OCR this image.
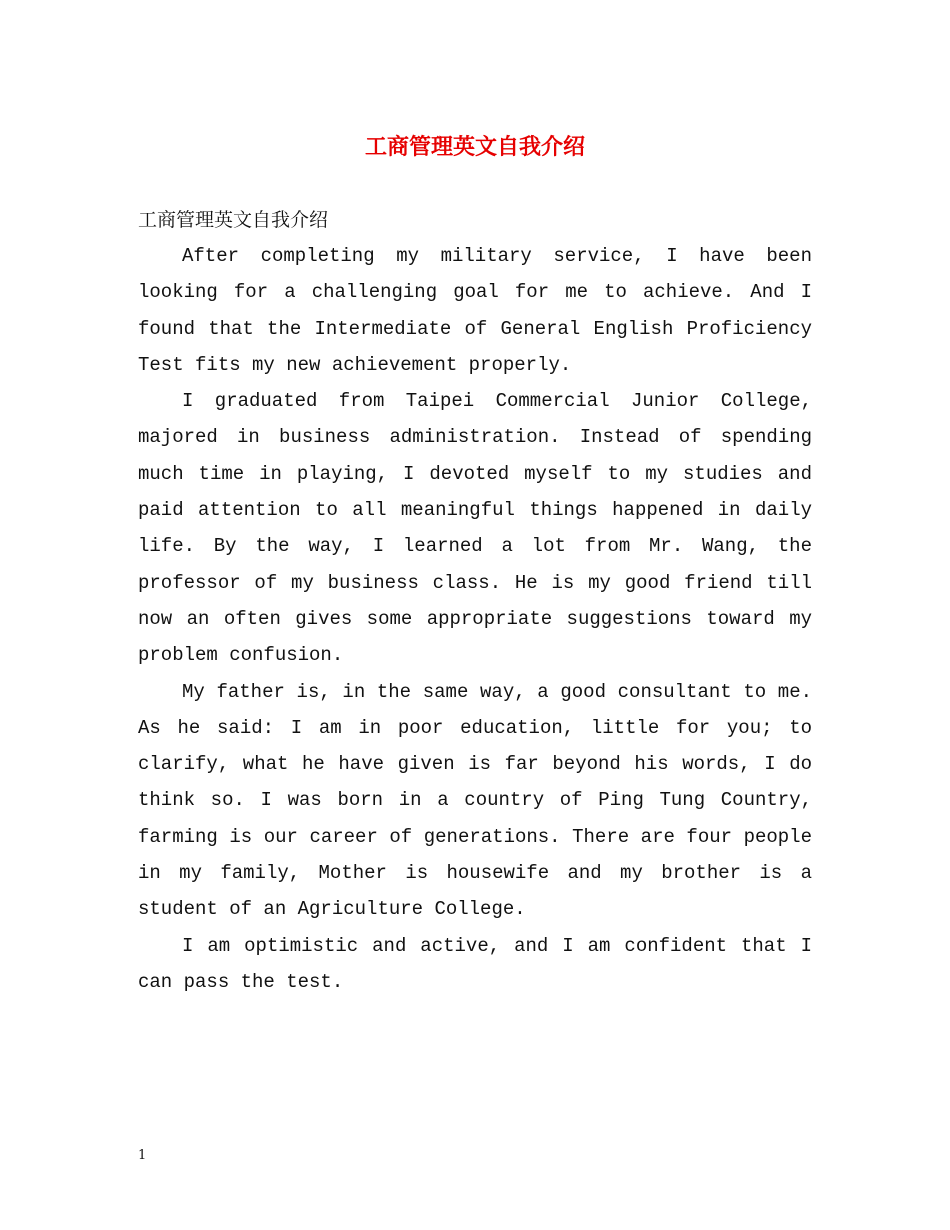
工商管理英文自我介绍

工商管理英文自我介绍

After completing my military service, I have been looking for a challenging goal for me to achieve. And I found that the Intermediate of General English Proficiency Test fits my new achievement properly.

I graduated from Taipei Commercial Junior College, majored in business administration. Instead of spending much time in playing, I devoted myself to my studies and paid attention to all meaningful things happened in daily life. By the way, I learned a lot from Mr. Wang, the professor of my business class. He is my good friend till now an often gives some appropriate suggestions toward my problem confusion.

My father is, in the same way, a good consultant to me. As he said: I am in poor education, little for you; to clarify, what he have given is far beyond his words, I do think so. I was born in a country of Ping Tung Country, farming is our career of generations. There are four people in my family, Mother is housewife and my brother is a student of an Agriculture College.

I am optimistic and active, and I am confident that I can pass the test.

1
